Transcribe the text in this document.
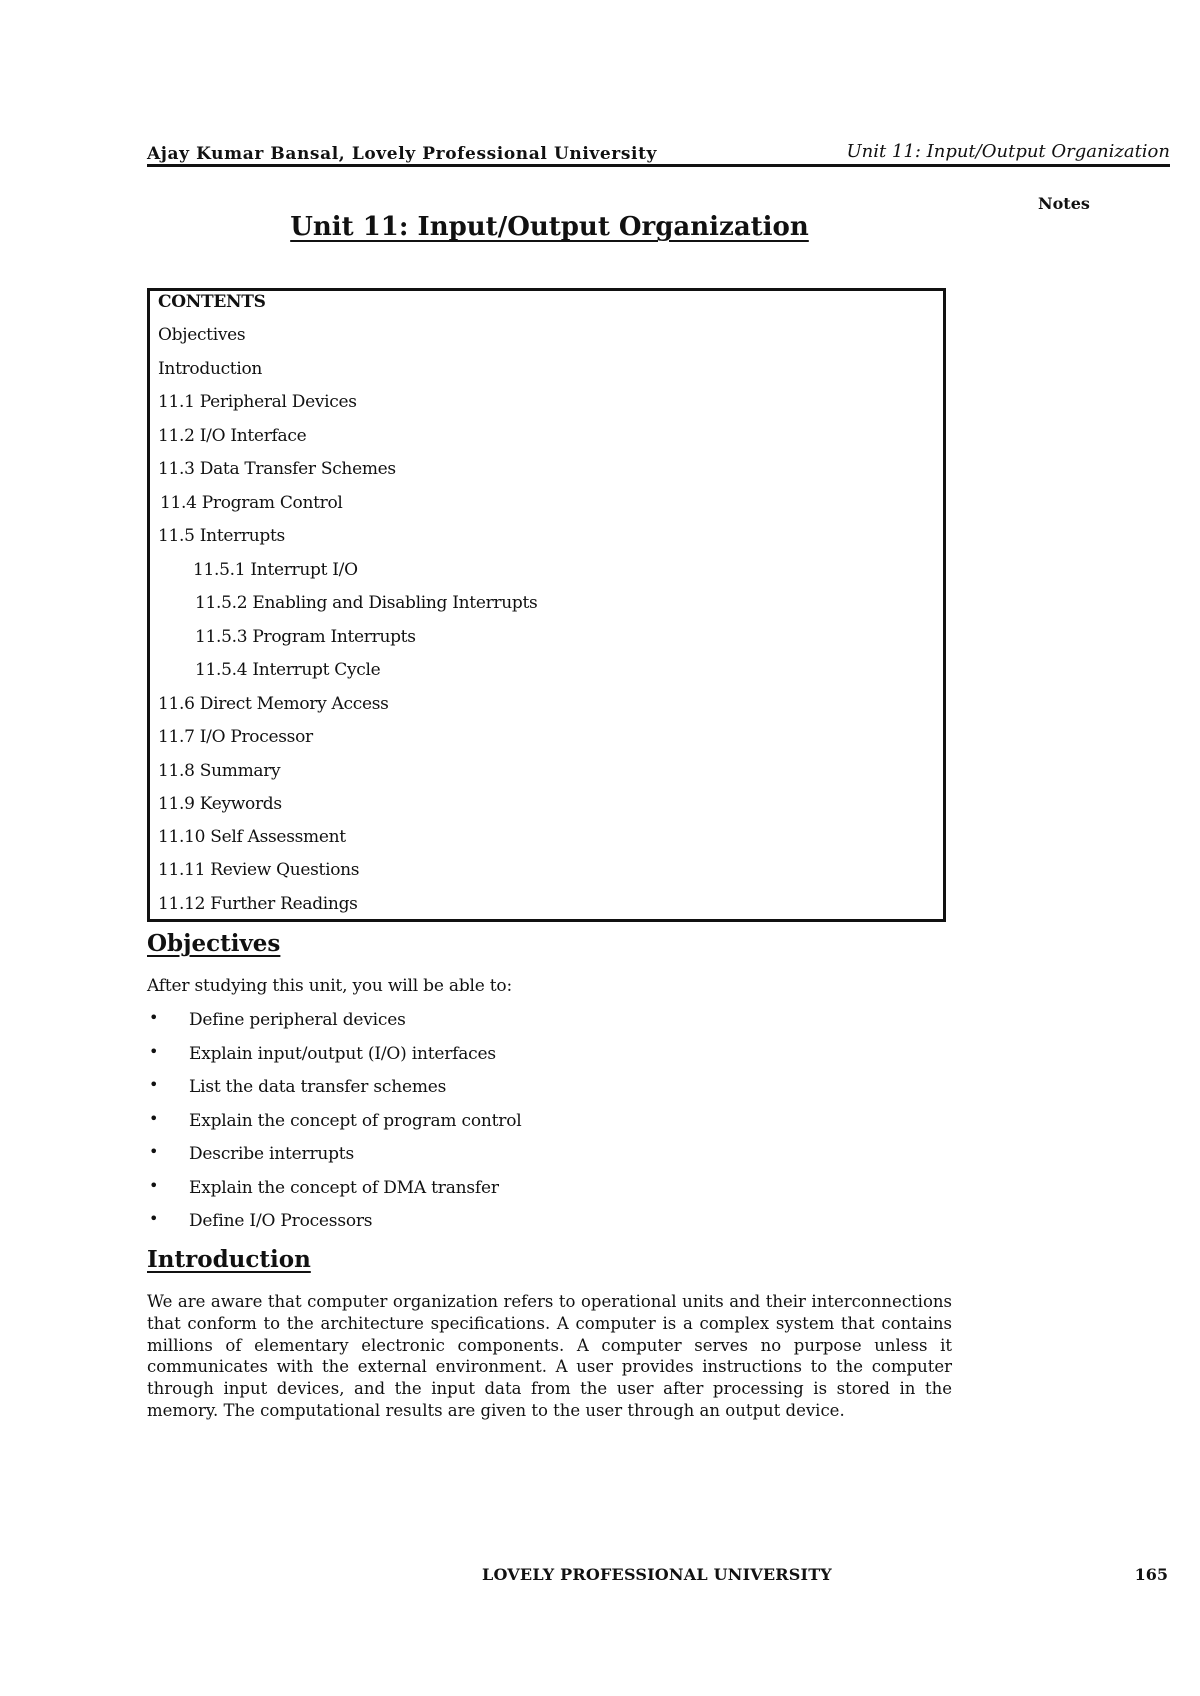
Ajay Kumar Bansal, Lovely Professional University	Unit 11: Input/Output Organization
Notes
Unit 11: Input/Output Organization
CONTENTS
Objectives
Introduction
11.1 Peripheral Devices
11.2 I/O Interface
11.3 Data Transfer Schemes
11.4 Program Control
11.5 Interrupts
11.5.1 Interrupt I/O
11.5.2 Enabling and Disabling Interrupts
11.5.3 Program Interrupts
11.5.4 Interrupt Cycle
11.6 Direct Memory Access
11.7 I/O Processor
11.8 Summary
11.9 Keywords
11.10 Self Assessment
11.11 Review Questions
11.12 Further Readings
Objectives
After studying this unit, you will be able to:
• Define peripheral devices
• Explain input/output (I/O) interfaces
• List the data transfer schemes
• Explain the concept of program control
• Describe interrupts
• Explain the concept of DMA transfer
• Define I/O Processors
Introduction
We are aware that computer organization refers to operational units and their interconnections that conform to the architecture specifications. A computer is a complex system that contains millions of elementary electronic components. A computer serves no purpose unless it communicates with the external environment. A user provides instructions to the computer through input devices, and the input data from the user after processing is stored in the memory. The computational results are given to the user through an output device.
LOVELY PROFESSIONAL UNIVERSITY	165
